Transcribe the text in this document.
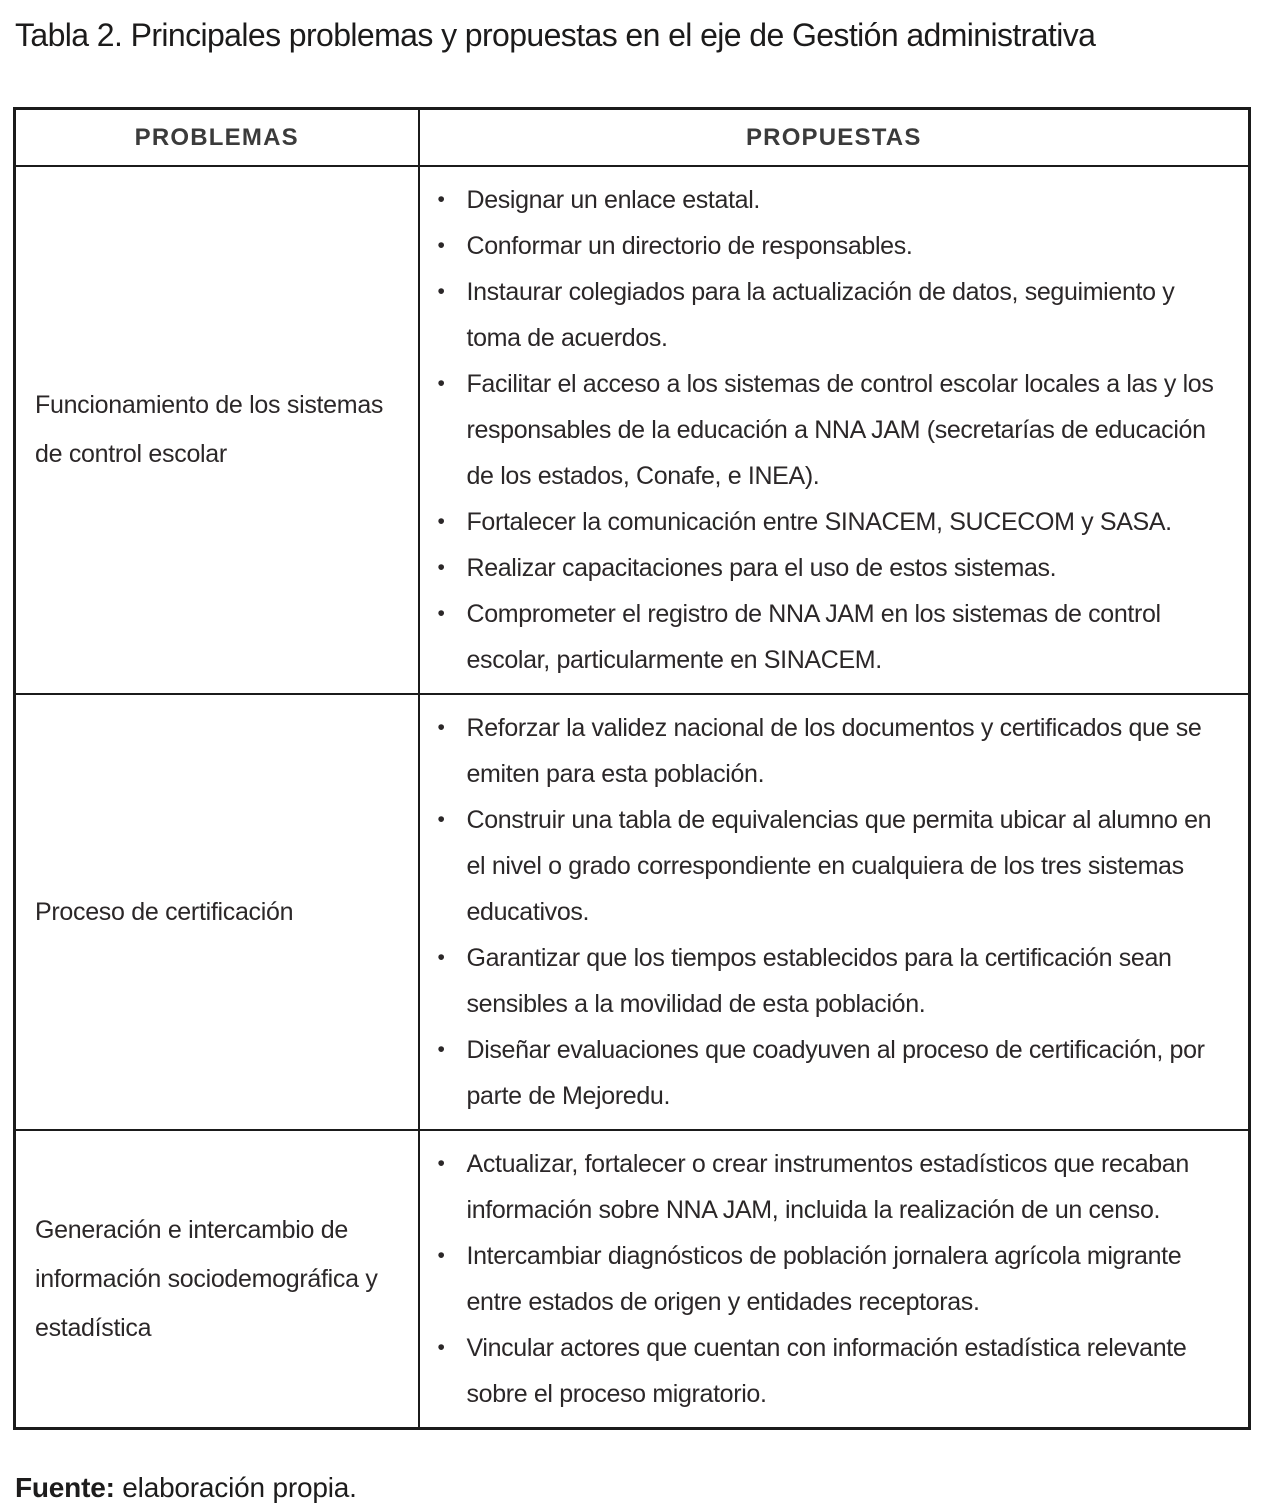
Tabla 2. Principales problemas y propuestas en el eje de Gestión administrativa
PROBLEMAS	PROPUESTAS
Funcionamiento de los sistemas de control escolar	
• Designar un enlace estatal.
• Conformar un directorio de responsables.
• Instaurar colegiados para la actualización de datos, seguimiento y toma de acuerdos.
• Facilitar el acceso a los sistemas de control escolar locales a las y los responsables de la educación a NNA JAM (secretarías de educación de los estados, Conafe, e INEA).
• Fortalecer la comunicación entre SINACEM, SUCECOM y SASA.
• Realizar capacitaciones para el uso de estos sistemas.
• Comprometer el registro de NNA JAM en los sistemas de control escolar, particularmente en SINACEM.

Proceso de certificación	
• Reforzar la validez nacional de los documentos y certificados que se emiten para esta población.
• Construir una tabla de equivalencias que permita ubicar al alumno en el nivel o grado correspondiente en cualquiera de los tres sistemas educativos.
• Garantizar que los tiempos establecidos para la certificación sean sensibles a la movilidad de esta población.
• Diseñar evaluaciones que coadyuven al proceso de certificación, por parte de Mejoredu.

Generación e intercambio de información sociodemográfica y estadística	
• Actualizar, fortalecer o crear instrumentos estadísticos que recaban información sobre NNA JAM, incluida la realización de un censo.
• Intercambiar diagnósticos de población jornalera agrícola migrante entre estados de origen y entidades receptoras.
• Vincular actores que cuentan con información estadística relevante sobre el proceso migratorio.

Fuente: elaboración propia.
